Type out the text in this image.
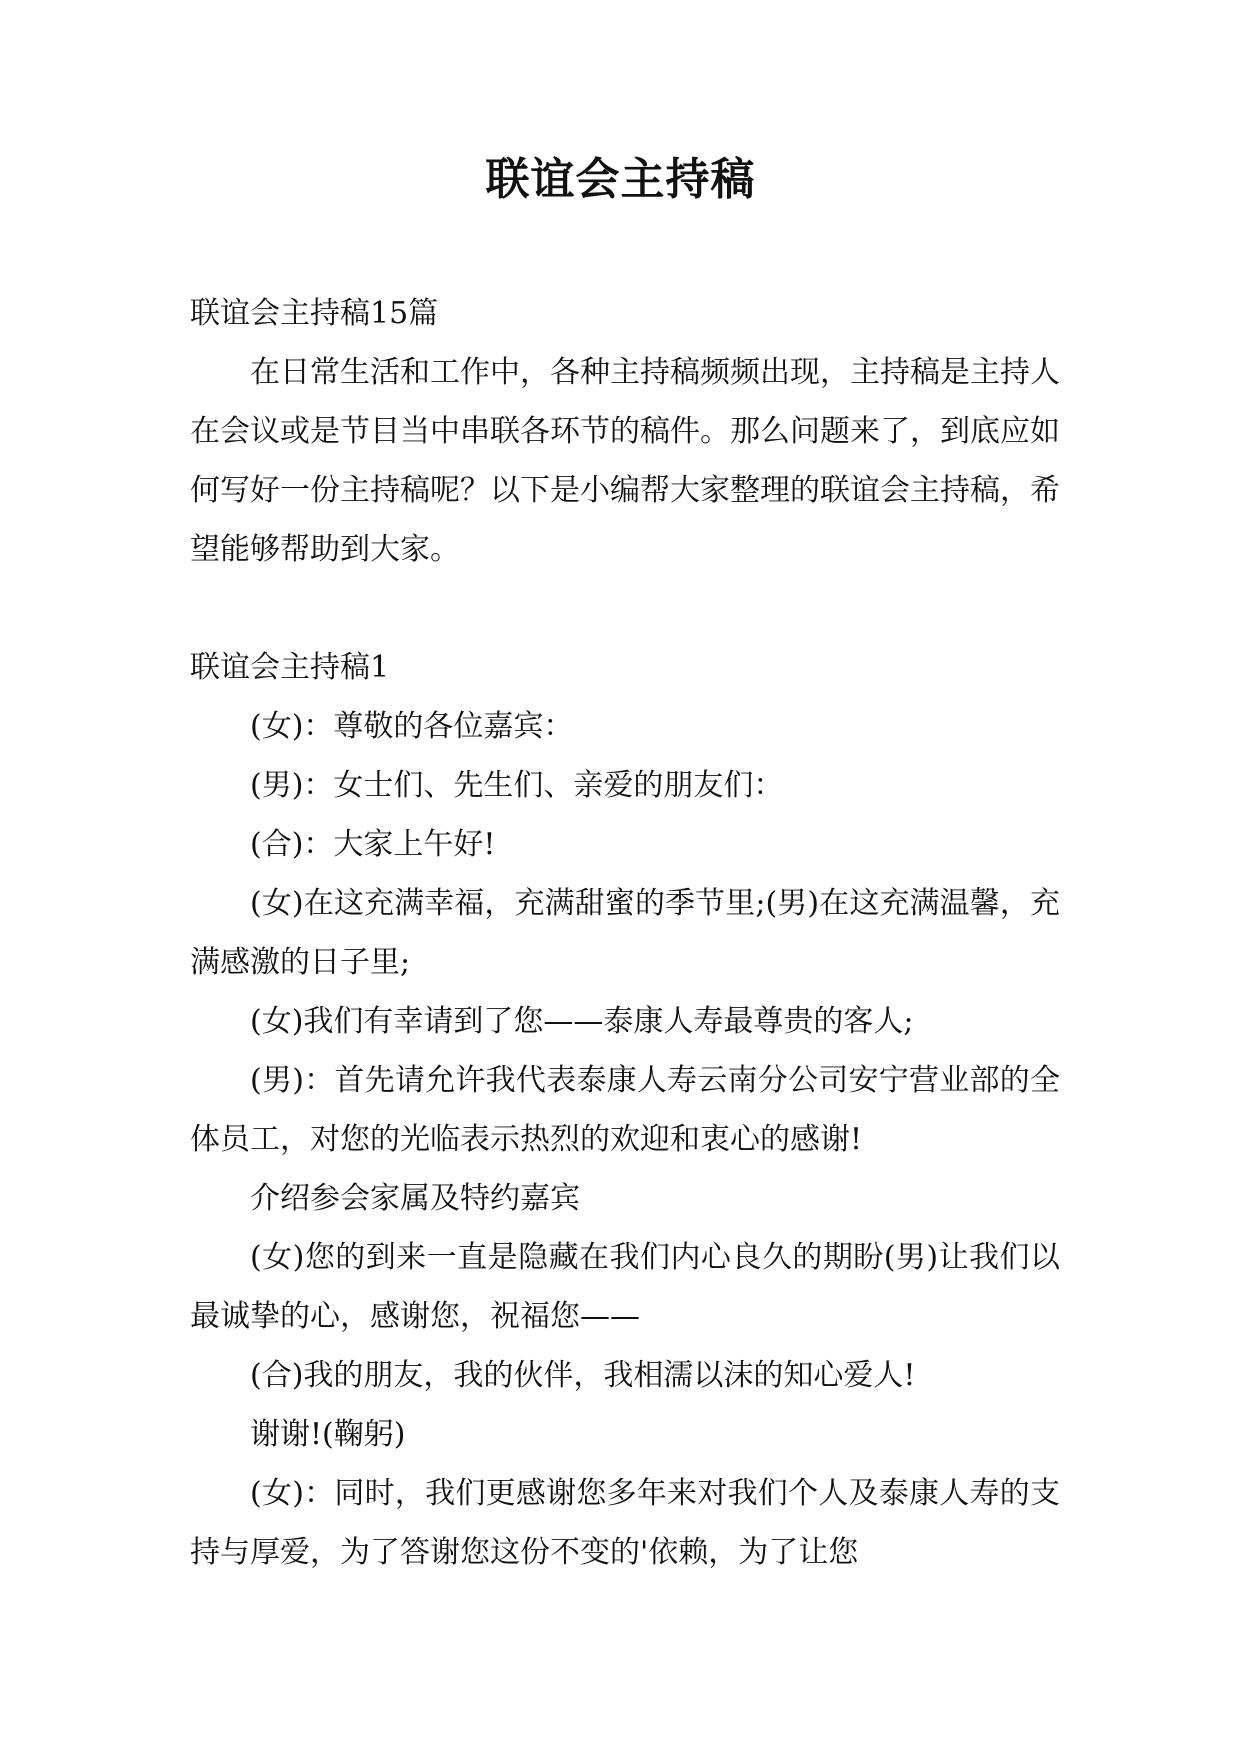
联谊会主持稿

联谊会主持稿15篇

在日常生活和工作中，各种主持稿频频出现，主持稿是主持人在会议或是节目当中串联各环节的稿件。那么问题来了，到底应如何写好一份主持稿呢？以下是小编帮大家整理的联谊会主持稿，希望能够帮助到大家。

联谊会主持稿1

(女)：尊敬的各位嘉宾：

(男)：女士们、先生们、亲爱的朋友们：

(合)：大家上午好!

(女)在这充满幸福，充满甜蜜的季节里;(男)在这充满温馨，充满感激的日子里;

(女)我们有幸请到了您——泰康人寿最尊贵的客人;

(男)：首先请允许我代表泰康人寿云南分公司安宁营业部的全体员工，对您的光临表示热烈的欢迎和衷心的感谢!

介绍参会家属及特约嘉宾

(女)您的到来一直是隐藏在我们内心良久的期盼(男)让我们以最诚挚的心，感谢您，祝福您——

(合)我的朋友，我的伙伴，我相濡以沫的知心爱人!

谢谢!(鞠躬)

(女)：同时，我们更感谢您多年来对我们个人及泰康人寿的支持与厚爱，为了答谢您这份不变的'依赖，为了让您
